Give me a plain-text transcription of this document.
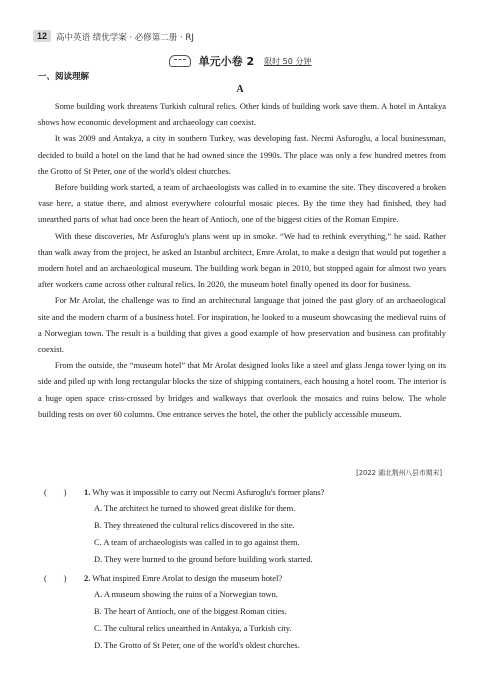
12	高中英语 绩优学案 · 必修第二册 · RJ
单元小卷 2 限时 50 分钟
一、阅读理解
A

Some building work threatens Turkish cultural relics. Other kinds of building work save them. A hotel in Antakya shows how economic development and archaeology can coexist.

It was 2009 and Antakya, a city in southern Turkey, was developing fast. Necmi Asfuroglu, a local businessman, decided to build a hotel on the land that he had owned since the 1990s. The place was only a few hundred metres from the Grotto of St Peter, one of the world's oldest churches.

Before building work started, a team of archaeologists was called in to examine the site. They discovered a broken vase here, a statue there, and almost everywhere colourful mosaic pieces. By the time they had finished, they had unearthed parts of what had once been the heart of Antioch, one of the biggest cities of the Roman Empire.

With these discoveries, Mr Asfuroglu's plans went up in smoke. “We had to rethink everything,” he said. Rather than walk away from the project, he asked an Istanbul architect, Emre Arolat, to make a design that would put together a modern hotel and an archaeological museum. The building work began in 2010, but stopped again for almost two years after workers came across other cultural relics. In 2020, the museum hotel finally opened its door for business.

For Mr Arolat, the challenge was to find an architectural language that joined the past glory of an archaeological site and the modern charm of a business hotel. For inspiration, he looked to a museum showcasing the medieval ruins of a Norwegian town. The result is a building that gives a good example of how preservation and business can profitably coexist.

From the outside, the “museum hotel” that Mr Arolat designed looks like a steel and glass Jenga tower lying on its side and piled up with long rectangular blocks the size of shipping containers, each housing a hotel room. The interior is a huge open space criss-crossed by bridges and walkways that overlook the mosaics and ruins below. The whole building rests on over 60 columns. One entrance serves the hotel, the other the publicly accessible museum.

[2022 湖北荆州八县市期末]
(　　) 1. Why was it impossible to carry out Necmi Asfuroglu's former plans?
A. The architect he turned to showed great dislike for them.
B. They threatened the cultural relics discovered in the site.
C. A team of archaeologists was called in to go against them.
D. They were burned to the ground before building work started.
(　　) 2. What inspired Emre Arolat to design the museum hotel?
A. A museum showing the ruins of a Norwegian town.
B. The heart of Antioch, one of the biggest Roman cities.
C. The cultural relics unearthed in Antakya, a Turkish city.
D. The Grotto of St Peter, one of the world's oldest churches.
